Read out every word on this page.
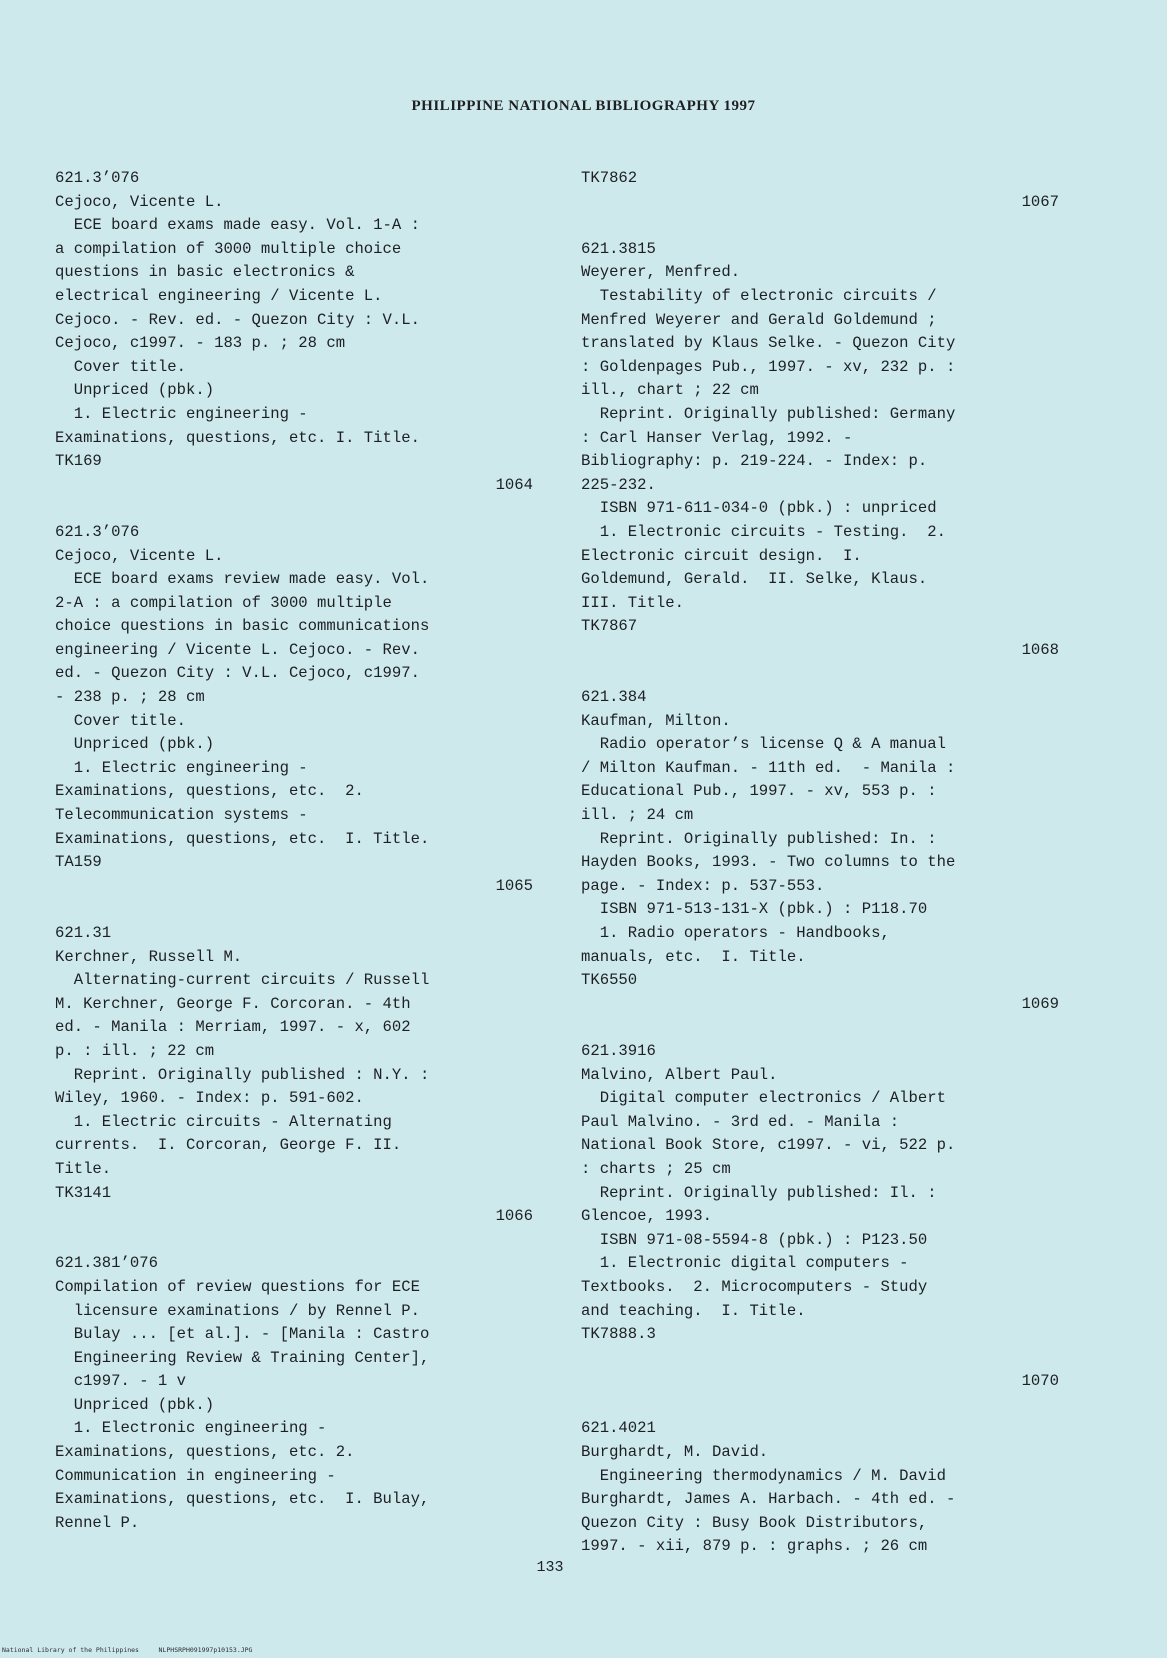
PHILIPPINE NATIONAL BIBLIOGRAPHY 1997
621.3’076
Cejoco, Vicente L.
ECE board exams made easy. Vol. 1-A :
a compilation of 3000 multiple choice
questions in basic electronics &
electrical engineering / Vicente L.
Cejoco. - Rev. ed. - Quezon City : V.L.
Cejoco, c1997. - 183 p. ; 28 cm
Cover title.
Unpriced (pbk.)
1. Electric engineering -
Examinations, questions, etc. I. Title.
TK169
1064
621.3’076
Cejoco, Vicente L.
ECE board exams review made easy. Vol.
2-A : a compilation of 3000 multiple
choice questions in basic communications
engineering / Vicente L. Cejoco. - Rev.
ed. - Quezon City : V.L. Cejoco, c1997.
- 238 p. ; 28 cm
Cover title.
Unpriced (pbk.)
1. Electric engineering -
Examinations, questions, etc.  2.
Telecommunication systems -
Examinations, questions, etc.  I. Title.
TA159
1065
621.31
Kerchner, Russell M.
Alternating-current circuits / Russell
M. Kerchner, George F. Corcoran. - 4th
ed. - Manila : Merriam, 1997. - x, 602
p. : ill. ; 22 cm
Reprint. Originally published : N.Y. :
Wiley, 1960. - Index: p. 591-602.
1. Electric circuits - Alternating
currents.  I. Corcoran, George F. II.
Title.
TK3141
1066
621.381’076
Compilation of review questions for ECE
licensure examinations / by Rennel P.
Bulay ... [et al.]. - [Manila : Castro
Engineering Review & Training Center],
c1997. - 1 v
Unpriced (pbk.)
1. Electronic engineering -
Examinations, questions, etc. 2.
Communication in engineering -
Examinations, questions, etc.  I. Bulay,
Rennel P.
TK7862
1067
621.3815
Weyerer, Menfred.
Testability of electronic circuits /
Menfred Weyerer and Gerald Goldemund ;
translated by Klaus Selke. - Quezon City
: Goldenpages Pub., 1997. - xv, 232 p. :
ill., chart ; 22 cm
Reprint. Originally published: Germany
: Carl Hanser Verlag, 1992. -
Bibliography: p. 219-224. - Index: p.
225-232.
ISBN 971-611-034-0 (pbk.) : unpriced
1. Electronic circuits - Testing.  2.
Electronic circuit design.  I.
Goldemund, Gerald.  II. Selke, Klaus.
III. Title.
TK7867
1068
621.384
Kaufman, Milton.
Radio operator’s license Q & A manual
/ Milton Kaufman. - 11th ed.  - Manila :
Educational Pub., 1997. - xv, 553 p. :
ill. ; 24 cm
Reprint. Originally published: In. :
Hayden Books, 1993. - Two columns to the
page. - Index: p. 537-553.
ISBN 971-513-131-X (pbk.) : P118.70
1. Radio operators - Handbooks,
manuals, etc.  I. Title.
TK6550
1069
621.3916
Malvino, Albert Paul.
Digital computer electronics / Albert
Paul Malvino. - 3rd ed. - Manila :
National Book Store, c1997. - vi, 522 p.
: charts ; 25 cm
Reprint. Originally published: Il. :
Glencoe, 1993.
ISBN 971-08-5594-8 (pbk.) : P123.50
1. Electronic digital computers -
Textbooks.  2. Microcomputers - Study
and teaching.  I. Title.
TK7888.3
1070
621.4021
Burghardt, M. David.
Engineering thermodynamics / M. David
Burghardt, James A. Harbach. - 4th ed. -
Quezon City : Busy Book Distributors,
1997. - xii, 879 p. : graphs. ; 26 cm
133
National Library of the Philippines	NLPHSRPH091997p10153.JPG
